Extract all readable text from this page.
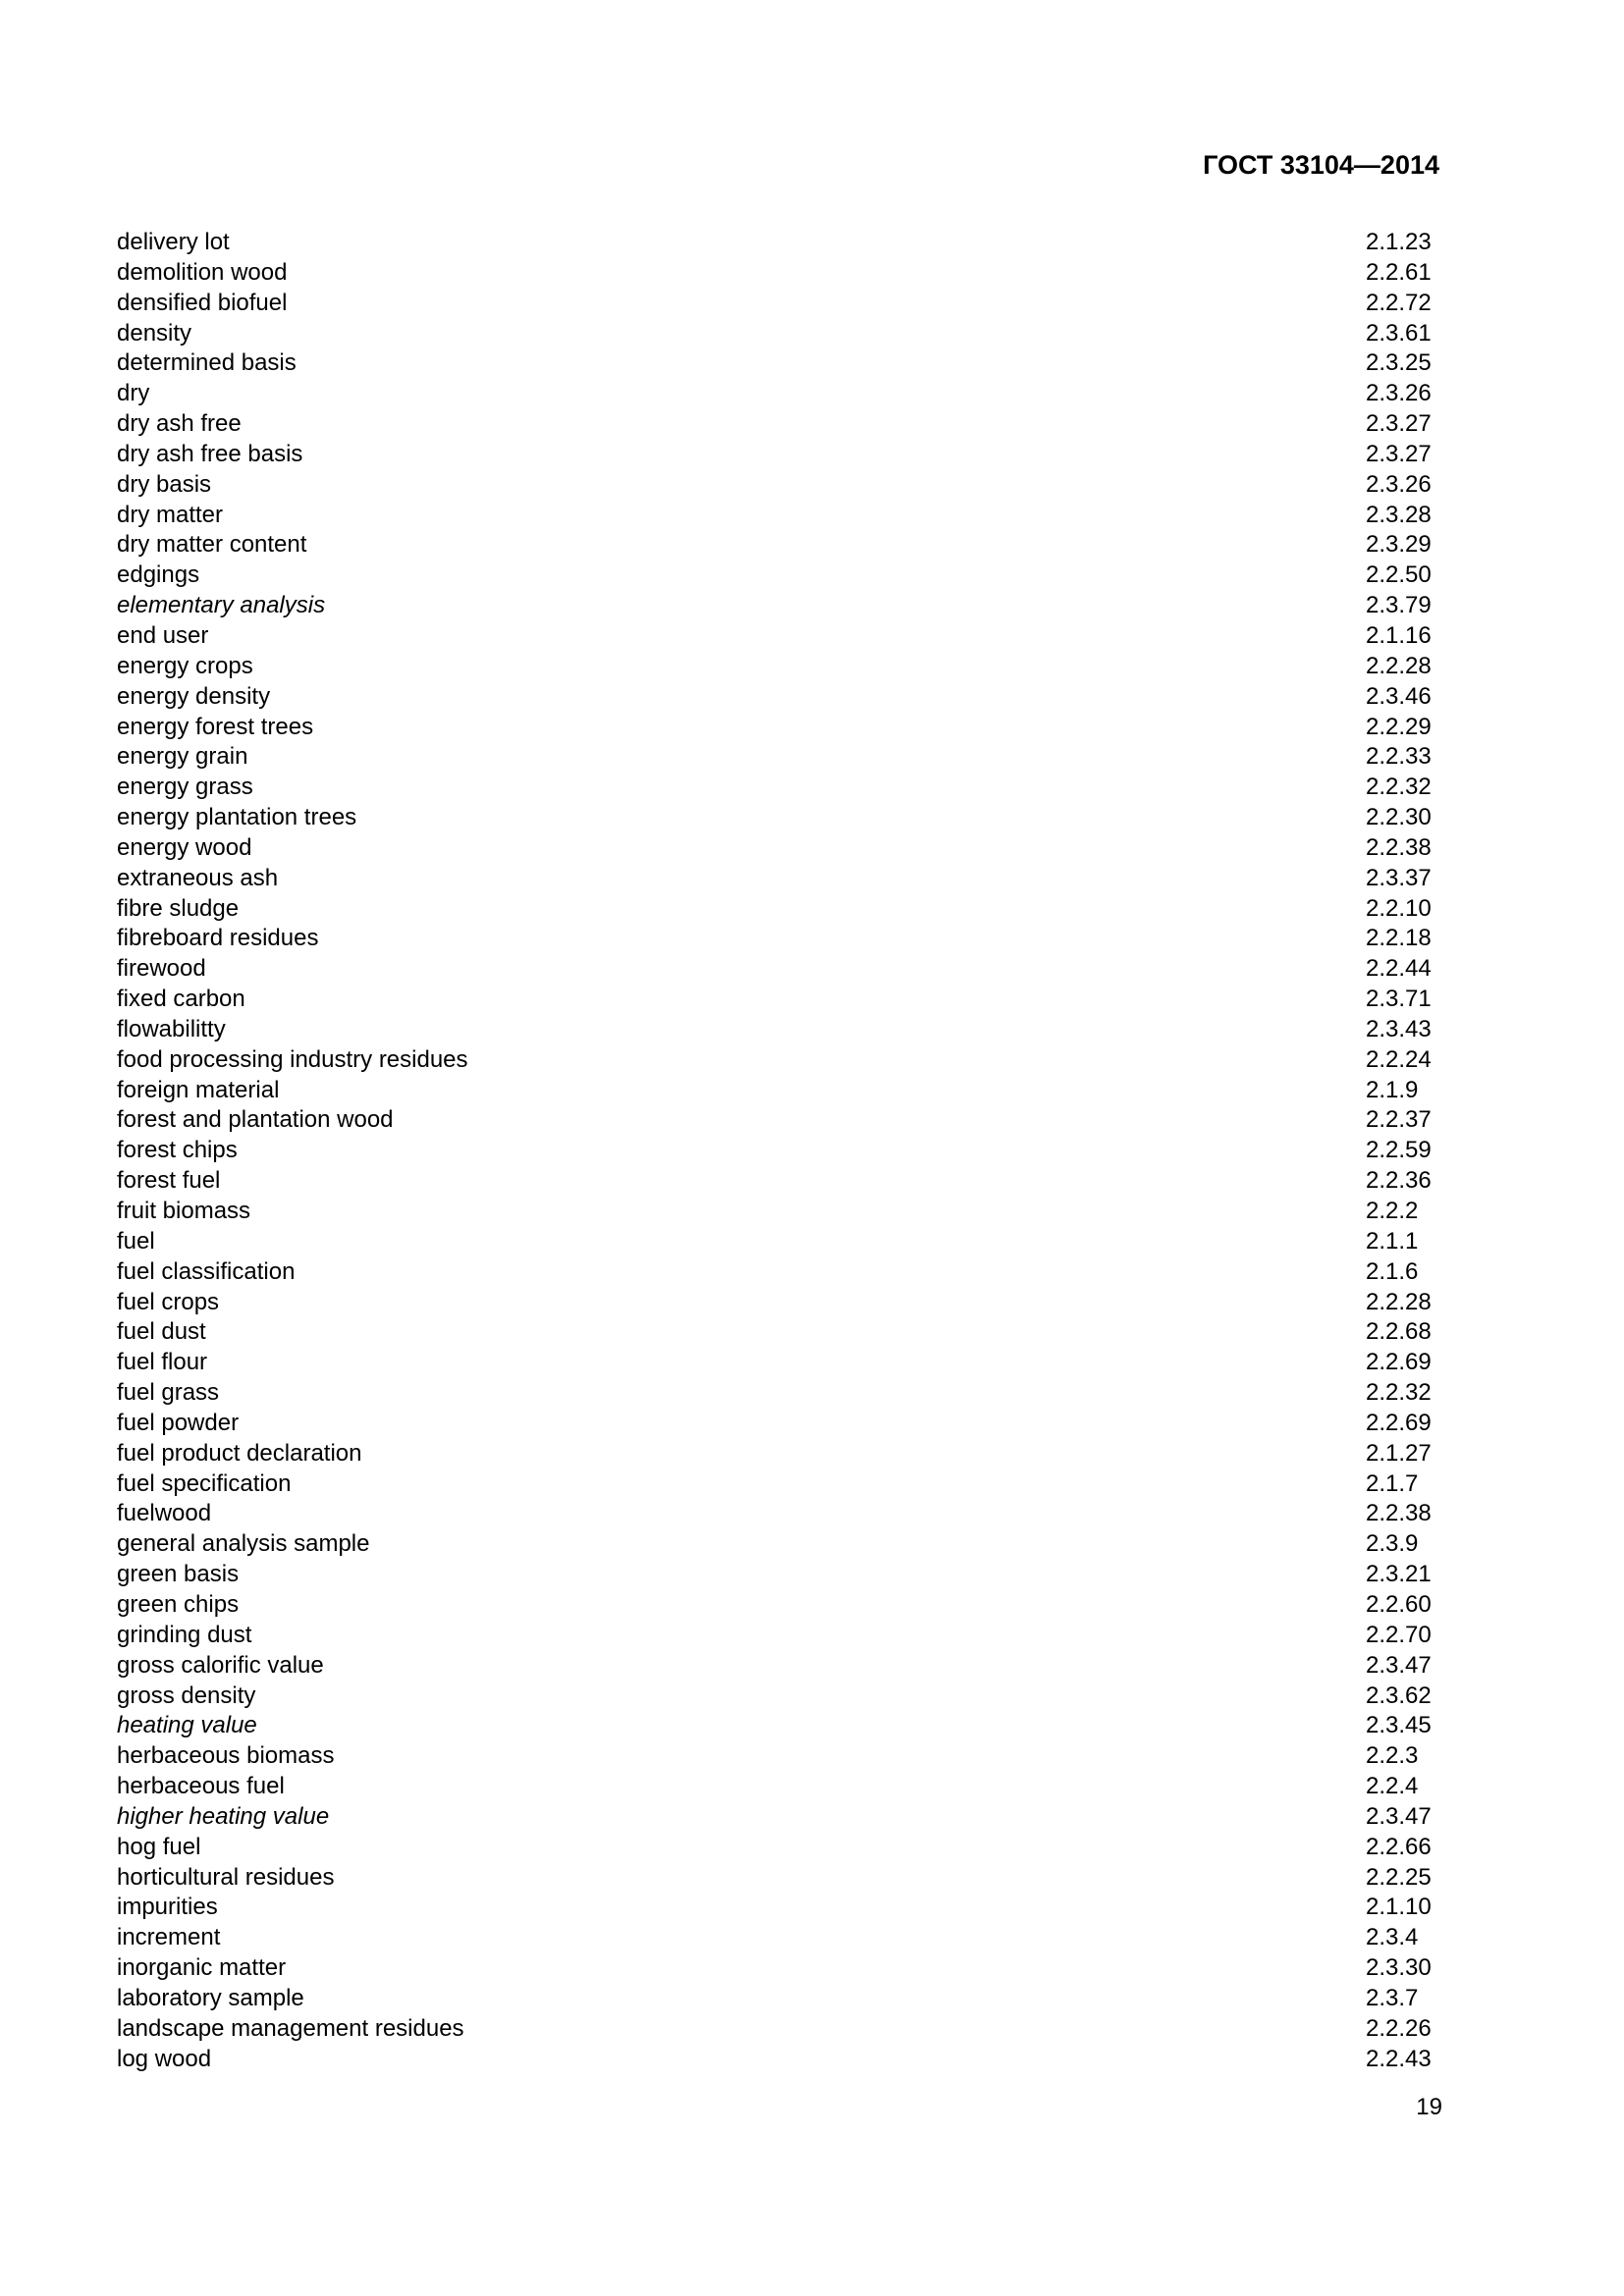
ГОСТ 33104—2014
delivery lot	2.1.23
demolition wood	2.2.61
densified biofuel	2.2.72
density	2.3.61
determined basis	2.3.25
dry	2.3.26
dry ash free	2.3.27
dry ash free basis	2.3.27
dry basis	2.3.26
dry matter	2.3.28
dry matter content	2.3.29
edgings	2.2.50
elementary analysis	2.3.79
end user	2.1.16
energy crops	2.2.28
energy density	2.3.46
energy forest trees	2.2.29
energy grain	2.2.33
energy grass	2.2.32
energy plantation trees	2.2.30
energy wood	2.2.38
extraneous ash	2.3.37
fibre sludge	2.2.10
fibreboard residues	2.2.18
firewood	2.2.44
fixed carbon	2.3.71
flowabilitty	2.3.43
food processing industry residues	2.2.24
foreign material	2.1.9
forest and plantation wood	2.2.37
forest chips	2.2.59
forest fuel	2.2.36
fruit biomass	2.2.2
fuel	2.1.1
fuel classification	2.1.6
fuel crops	2.2.28
fuel dust	2.2.68
fuel flour	2.2.69
fuel grass	2.2.32
fuel powder	2.2.69
fuel product declaration	2.1.27
fuel specification	2.1.7
fuelwood	2.2.38
general analysis sample	2.3.9
green basis	2.3.21
green chips	2.2.60
grinding dust	2.2.70
gross calorific value	2.3.47
gross density	2.3.62
heating value	2.3.45
herbaceous biomass	2.2.3
herbaceous fuel	2.2.4
higher heating value	2.3.47
hog fuel	2.2.66
horticultural residues	2.2.25
impurities	2.1.10
increment	2.3.4
inorganic matter	2.3.30
laboratory sample	2.3.7
landscape management residues	2.2.26
log wood	2.2.43
19
